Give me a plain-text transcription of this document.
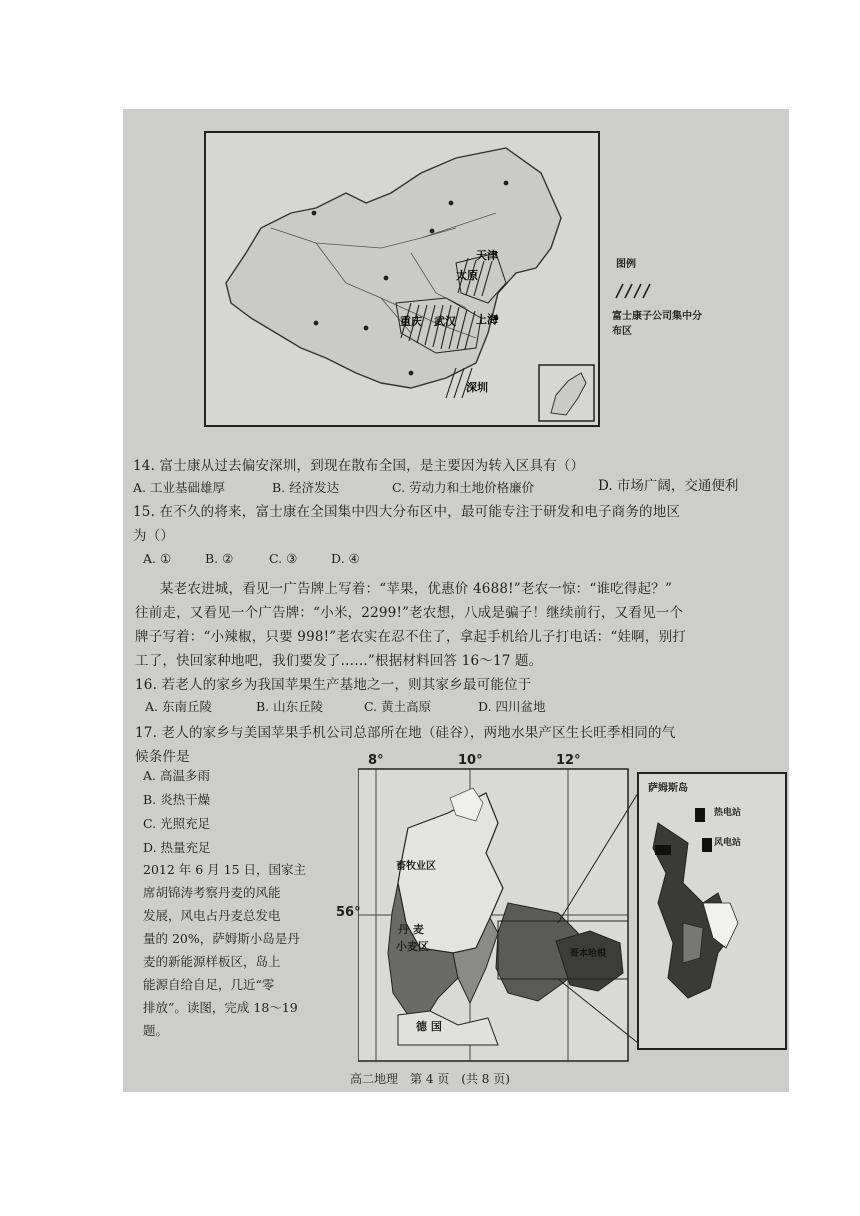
天津
太原
重庆 武汉 上海
深圳
图例
富士康子公司集中分布区
14. 富士康从过去偏安深圳，到现在散布全国，是主要因为转入区具有（）
A. 工业基础雄厚	B. 经济发达	C. 劳动力和土地价格廉价	D. 市场广阔，交通便利
15. 在不久的将来，富士康在全国集中四大分布区中，最可能专注于研发和电子商务的地区
为（）
A. ①	B. ②	C. ③	D. ④
某老农进城，看见一广告牌上写着：“苹果，优惠价 4688!”老农一惊：“谁吃得起？”
往前走，又看见一个广告牌：“小米，2299!”老农想，八成是骗子！继续前行，又看见一个
牌子写着：“小辣椒，只要 998!”老农实在忍不住了，拿起手机给儿子打电话：“娃啊，别打
工了，快回家种地吧，我们要发了……”根据材料回答 16～17 题。
16. 若老人的家乡为我国苹果生产基地之一，则其家乡最可能位于
A. 东南丘陵	B. 山东丘陵	C. 黄土高原	D. 四川盆地
17. 老人的家乡与美国苹果手机公司总部所在地（硅谷），两地水果产区生长旺季相同的气
候条件是
A. 高温多雨
B. 炎热干燥
C. 光照充足
D. 热量充足
2012 年 6 月 15 日，国家主
席胡锦涛考察丹麦的风能
发展，风电占丹麦总发电
量的 20%，萨姆斯小岛是丹
麦的新能源样板区，岛上
能源自给自足，几近“零
排放”。读图，完成 18～19
题。
8°	10°	12°
56°
畜牧业区
丹 麦
小麦区
德 国
哥本哈根
萨姆斯岛
热电站
风电站
高二地理　第 4 页　(共 8 页)
